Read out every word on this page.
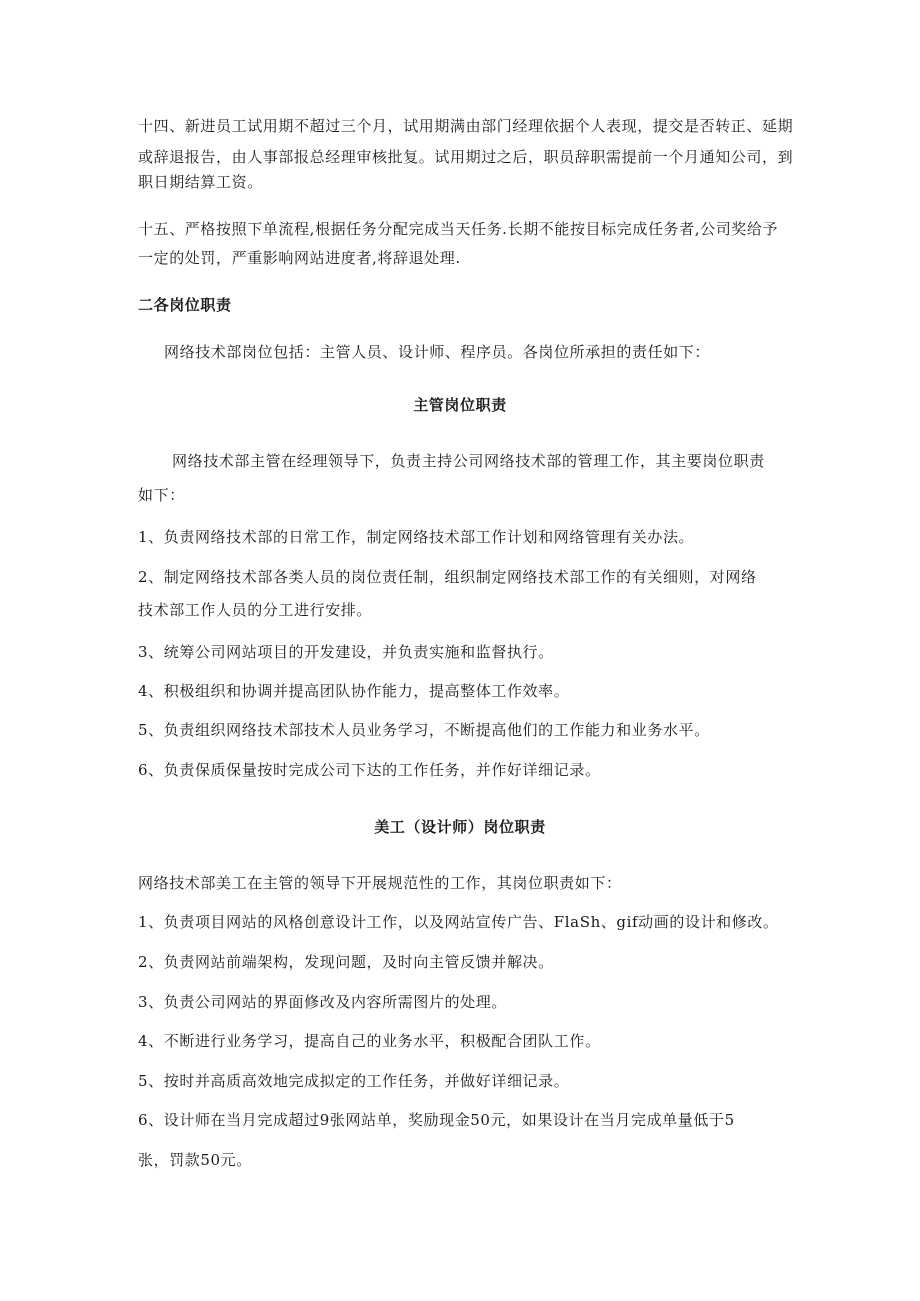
十四、新进员工试用期不超过三个月，试用期满由部门经理依据个人表现，提交是否转正、延期
或辞退报告，由人事部报总经理审核批复。试用期过之后，职员辞职需提前一个月通知公司，到
职日期结算工资。
十五、严格按照下单流程,根据任务分配完成当天任务.长期不能按目标完成任务者,公司奖给予
一定的处罚，严重影响网站进度者,将辞退处理.
二各岗位职责
网络技术部岗位包括：主管人员、设计师、程序员。各岗位所承担的责任如下：
主管岗位职责
网络技术部主管在经理领导下，负责主持公司网络技术部的管理工作，其主要岗位职责
如下：
1、负责网络技术部的日常工作，制定网络技术部工作计划和网络管理有关办法。
2、制定网络技术部各类人员的岗位责任制，组织制定网络技术部工作的有关细则，对网络
技术部工作人员的分工进行安排。
3、统筹公司网站项目的开发建设，并负责实施和监督执行。
4、积极组织和协调并提高团队协作能力，提高整体工作效率。
5、负责组织网络技术部技术人员业务学习，不断提高他们的工作能力和业务水平。
6、负责保质保量按时完成公司下达的工作任务，并作好详细记录。
美工（设计师）岗位职责
网络技术部美工在主管的领导下开展规范性的工作，其岗位职责如下：
1、负责项目网站的风格创意设计工作，以及网站宣传广告、FlaSh、gif动画的设计和修改。
2、负责网站前端架构，发现问题，及时向主管反馈并解决。
3、负责公司网站的界面修改及内容所需图片的处理。
4、不断进行业务学习，提高自己的业务水平，积极配合团队工作。
5、按时并高质高效地完成拟定的工作任务，并做好详细记录。
6、设计师在当月完成超过9张网站单，奖励现金50元，如果设计在当月完成单量低于5
张，罚款50元。
